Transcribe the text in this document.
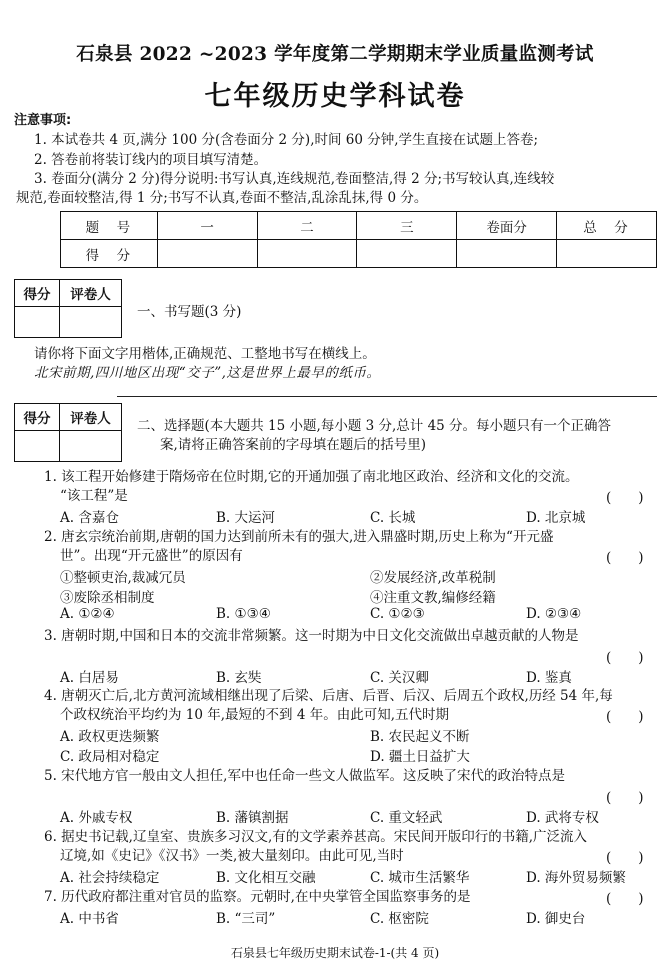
石泉县 2022 ~2023 学年度第二学期期末学业质量监测考试
七年级历史学科试卷
注意事项:
1. 本试卷共 4 页,满分 100 分(含卷面分 2 分),时间 60 分钟,学生直接在试题上答卷;
2. 答卷前将装订线内的项目填写清楚。
3. 卷面分(满分 2 分)得分说明:书写认真,连线规范,卷面整洁,得 2 分;书写较认真,连线较
规范,卷面较整洁,得 1 分;书写不认真,卷面不整洁,乱涂乱抹,得 0 分。
题　号	一	二	三	卷面分	总　分
得　分					
得分	评卷人

一、书写题(3 分)
请你将下面文字用楷体,正确规范、工整地书写在横线上。
北宋前期,四川地区出现“交子”,这是世界上最早的纸币。
得分	评卷人
	二、选择题(本大题共 15 小题,每小题 3 分,总计 45 分。每小题只有一个正确答
案,请将正确答案前的字母填在题后的括号里)
1. 该工程开始修建于隋炀帝在位时期,它的开通加强了南北地区政治、经济和文化的交流。
“该工程”是	(　　)
A. 含嘉仓	B. 大运河	C. 长城	D. 北京城
2. 唐玄宗统治前期,唐朝的国力达到前所未有的强大,进入鼎盛时期,历史上称为“开元盛
世”。出现“开元盛世”的原因有	(　　)
①整顿吏治,裁减冗员	②发展经济,改革税制
③废除丞相制度	④注重文教,编修经籍
A. ①②④	B. ①③④	C. ①②③	D. ②③④
3. 唐朝时期,中国和日本的交流非常频繁。这一时期为中日文化交流做出卓越贡献的人物是
(　　)
A. 白居易	B. 玄奘	C. 关汉卿	D. 鉴真
4. 唐朝灭亡后,北方黄河流域相继出现了后梁、后唐、后晋、后汉、后周五个政权,历经 54 年,每
个政权统治平均约为 10 年,最短的不到 4 年。由此可知,五代时期	(　　)
A. 政权更迭频繁	B. 农民起义不断
C. 政局相对稳定	D. 疆土日益扩大
5. 宋代地方官一般由文人担任,军中也任命一些文人做监军。这反映了宋代的政治特点是
(　　)
A. 外戚专权	B. 藩镇割据	C. 重文轻武	D. 武将专权
6. 据史书记载,辽皇室、贵族多习汉文,有的文学素养甚高。宋民间开版印行的书籍,广泛流入
辽境,如《史记》《汉书》一类,被大量刻印。由此可见,当时	(　　)
A. 社会持续稳定	B. 文化相互交融	C. 城市生活繁华	D. 海外贸易频繁
7. 历代政府都注重对官员的监察。元朝时,在中央掌管全国监察事务的是	(　　)
A. 中书省	B. “三司”	C. 枢密院	D. 御史台
石泉县七年级历史期末试卷-1-(共 4 页)
